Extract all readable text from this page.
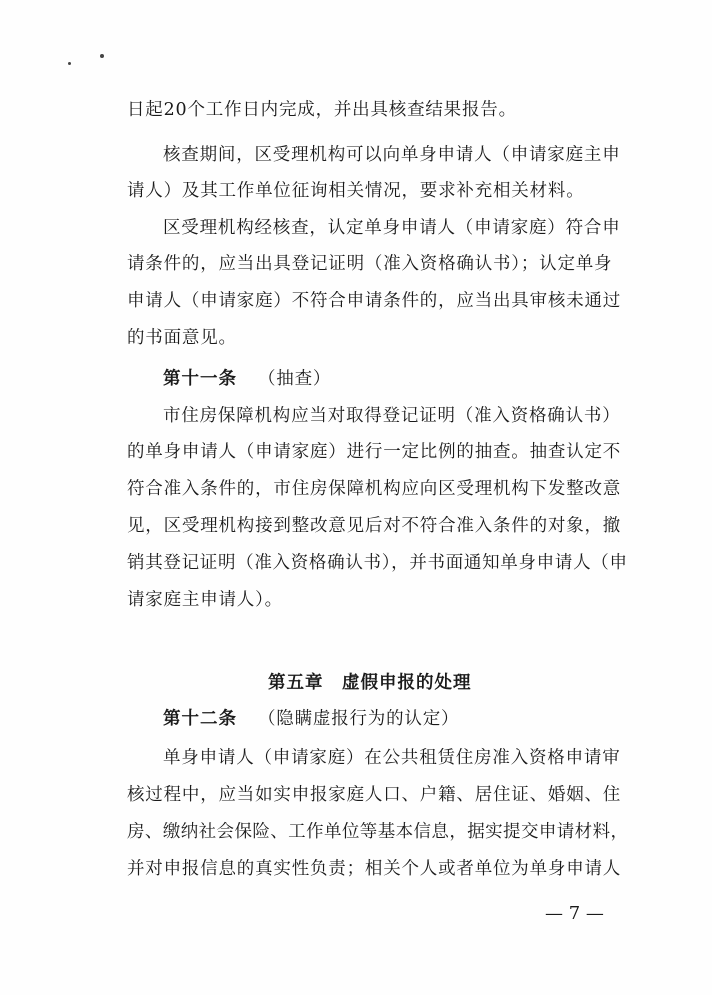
日起20个工作日内完成，并出具核查结果报告。
核查期间，区受理机构可以向单身申请人（申请家庭主申
请人）及其工作单位征询相关情况，要求补充相关材料。
区受理机构经核查，认定单身申请人（申请家庭）符合申
请条件的，应当出具登记证明（准入资格确认书）；认定单身
申请人（申请家庭）不符合申请条件的，应当出具审核未通过
的书面意见。
第十一条 （抽查）
市住房保障机构应当对取得登记证明（准入资格确认书）
的单身申请人（申请家庭）进行一定比例的抽查。抽查认定不
符合准入条件的，市住房保障机构应向区受理机构下发整改意
见，区受理机构接到整改意见后对不符合准入条件的对象，撤
销其登记证明（准入资格确认书），并书面通知单身申请人（申
请家庭主申请人）。
第五章　虚假申报的处理
第十二条 （隐瞒虚报行为的认定）
单身申请人（申请家庭）在公共租赁住房准入资格申请审
核过程中，应当如实申报家庭人口、户籍、居住证、婚姻、住
房、缴纳社会保险、工作单位等基本信息，据实提交申请材料，
并对申报信息的真实性负责；相关个人或者单位为单身申请人
— 7 —
